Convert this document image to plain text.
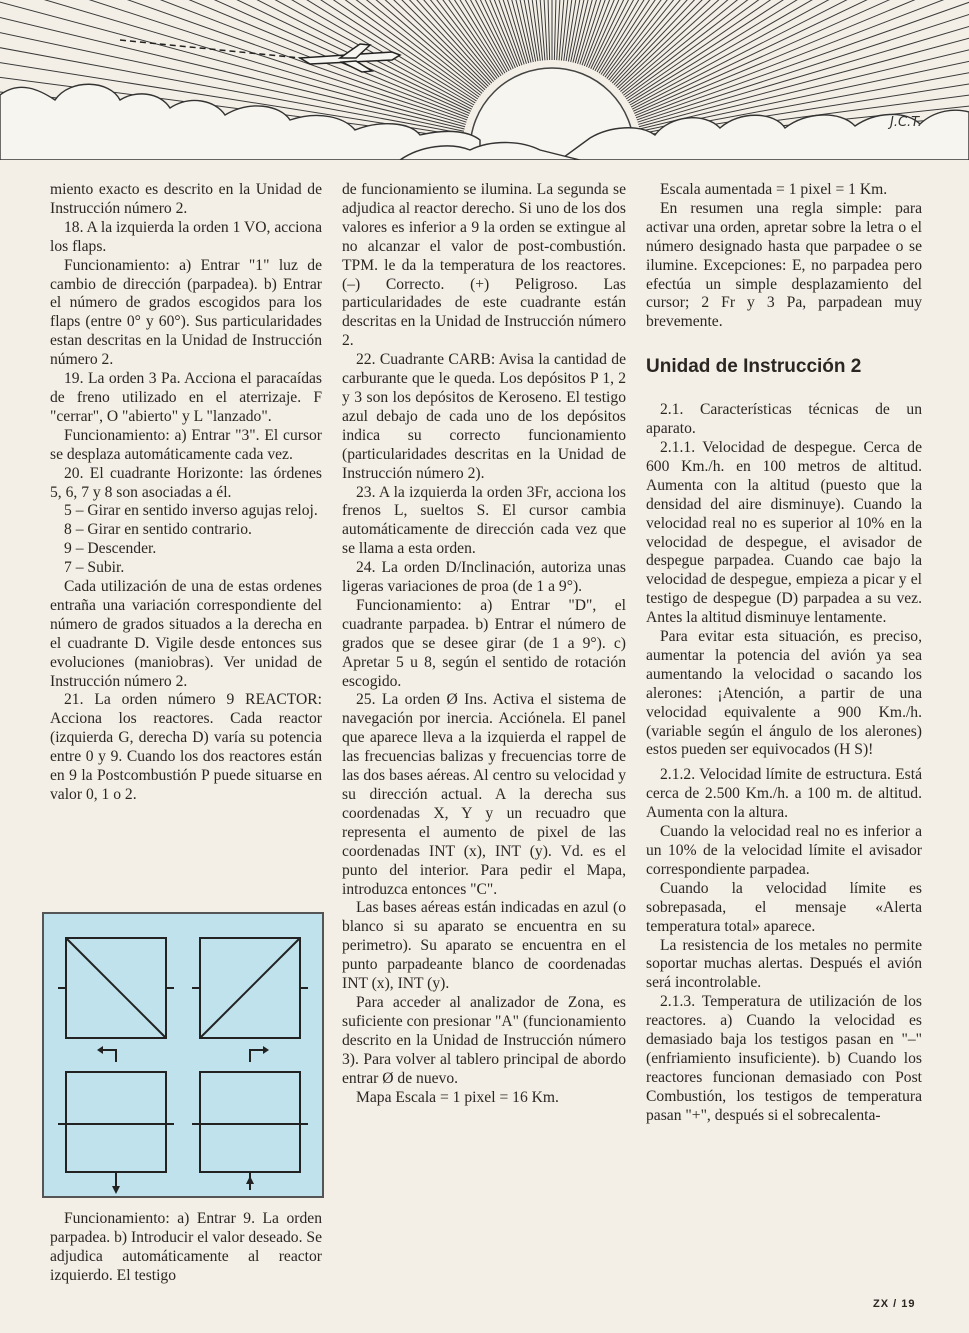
J.C.T.

miento exacto es descrito en la Unidad de Instrucción número 2.

18. A la izquierda la orden 1 VO, acciona los flaps.

Funcionamiento: a) Entrar "1" luz de cambio de dirección (parpadea). b) Entrar el número de grados escogidos para los flaps (entre 0° y 60°). Sus particularidades estan descritas en la Unidad de Instrucción número 2.

19. La orden 3 Pa. Acciona el paracaídas de freno utilizado en el aterrizaje. F "cerrar", O "abierto" y L "lanzado".

Funcionamiento: a) Entrar "3". El cursor se desplaza automáticamente cada vez.

20. El cuadrante Horizonte: las órdenes 5, 6, 7 y 8 son asociadas a él.

5 – Girar en sentido inverso agujas reloj.

8 – Girar en sentido contrario.

9 – Descender.

7 – Subir.

Cada utilización de una de estas ordenes entraña una variación correspondiente del número de grados situados a la derecha en el cuadrante D. Vigile desde entonces sus evoluciones (maniobras). Ver unidad de Instrucción número 2.

21. La orden número 9 REACTOR: Acciona los reactores. Cada reactor (izquierda G, derecha D) varía su potencia entre 0 y 9. Cuando los dos reactores están en 9 la Postcombustión P puede situarse en valor 0, 1 o 2.

Funcionamiento: a) Entrar 9. La orden parpadea. b) Introducir el valor deseado. Se adjudica automáticamente al reactor izquierdo. El testigo

de funcionamiento se ilumina. La segunda se adjudica al reactor derecho. Si uno de los dos valores es inferior a 9 la orden se extingue al no alcanzar el valor de post-combustión. TPM. le da la temperatura de los reactores. (–) Correcto. (+) Peligroso. Las particularidades de este cuadrante están descritas en la Unidad de Instrucción número 2.

22. Cuadrante CARB: Avisa la cantidad de carburante que le queda. Los depósitos P 1, 2 y 3 son los depósitos de Keroseno. El testigo azul debajo de cada uno de los depósitos indica su correcto funcionamiento (particularidades descritas en la Unidad de Instrucción número 2).

23. A la izquierda la orden 3Fr, acciona los frenos L, sueltos S. El cursor cambia automáticamente de dirección cada vez que se llama a esta orden.

24. La orden D/Inclinación, autoriza unas ligeras variaciones de proa (de 1 a 9°).

Funcionamiento: a) Entrar "D", el cuadrante parpadea. b) Entrar el número de grados que se desee girar (de 1 a 9°). c) Apretar 5 u 8, según el sentido de rotación escogido.

25. La orden Ø Ins. Activa el sistema de navegación por inercia. Acciónela. El panel que aparece lleva a la izquierda el rappel de las frecuencias balizas y frecuencias torre de las dos bases aéreas. Al centro su velocidad y su dirección actual. A la derecha sus coordenadas X, Y y un recuadro que representa el aumento de pixel de las coordenadas INT (x), INT (y). Vd. es el punto del interior. Para pedir el Mapa, introduzca entonces "C".

Las bases aéreas están indicadas en azul (o blanco si su aparato se encuentra en su perimetro). Su aparato se encuentra en el punto parpadeante blanco de coordenadas INT (x), INT (y).

Para acceder al analizador de Zona, es suficiente con presionar "A" (funcionamiento descrito en la Unidad de Instrucción número 3). Para volver al tablero principal de abordo entrar Ø de nuevo.

Mapa Escala = 1 pixel = 16 Km.

Escala aumentada = 1 pixel = 1 Km.

En resumen una regla simple: para activar una orden, apretar sobre la letra o el número designado hasta que parpadee o se ilumine. Excepciones: E, no parpadea pero efectúa un simple desplazamiento del cursor; 2 Fr y 3 Pa, parpadean muy brevemente.

Unidad de Instrucción 2

2.1. Características técnicas de un aparato.

2.1.1. Velocidad de despegue. Cerca de 600 Km./h. en 100 metros de altitud. Aumenta con la altitud (puesto que la densidad del aire disminuye). Cuando la velocidad real no es superior al 10% en la velocidad de despegue, el avisador de despegue parpadea. Cuando cae bajo la velocidad de despegue, empieza a picar y el testigo de despegue (D) parpadea a su vez. Antes la altitud disminuye lentamente.

Para evitar esta situación, es preciso, aumentar la potencia del avión ya sea aumentando la velocidad o sacando los alerones: ¡Atención, a partir de una velocidad equivalente a 900 Km./h. (variable según el ángulo de los alerones) estos pueden ser equivocados (H S)!

2.1.2. Velocidad límite de estructura. Está cerca de 2.500 Km./h. a 100 m. de altitud. Aumenta con la altura.

Cuando la velocidad real no es inferior a un 10% de la velocidad límite el avisador correspondiente parpadea.

Cuando la velocidad límite es sobrepasada, el mensaje «Alerta temperatura total» aparece.

La resistencia de los metales no permite soportar muchas alertas. Después el avión será incontrolable.

2.1.3. Temperatura de utilización de los reactores. a) Cuando la velocidad es demasiado baja los testigos pasan en "–" (enfriamiento insuficiente). b) Cuando los reactores funcionan demasiado con Post Combustión, los testigos de temperatura pasan "+", después si el sobrecalenta-

ZX / 19
